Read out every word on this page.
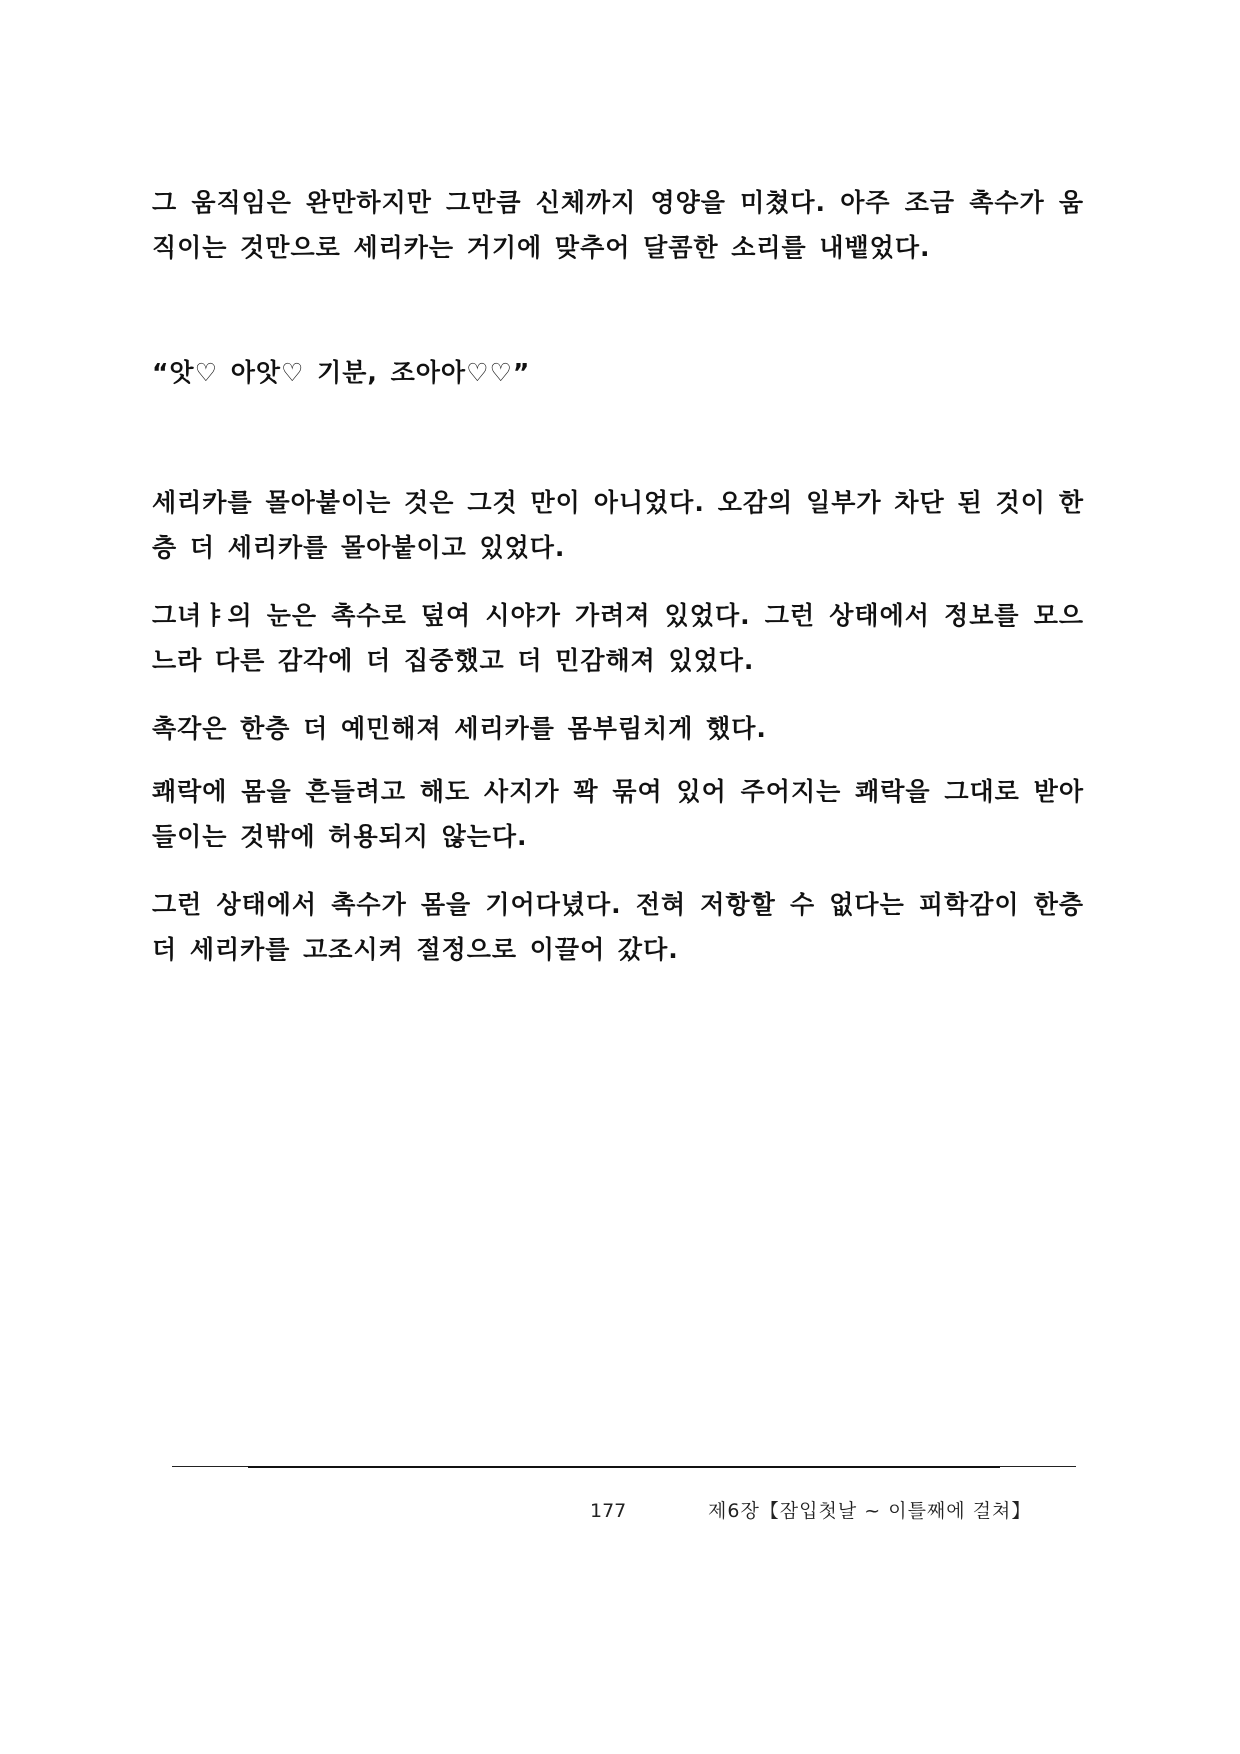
그 움직임은 완만하지만 그만큼 신체까지 영양을 미쳤다. 아주 조금 촉수가 움직이는 것만으로 세리카는 거기에 맞추어 달콤한 소리를 내뱉었다.

“앗♡ 아앗♡ 기분, 조아아♡♡”

세리카를 몰아붙이는 것은 그것 만이 아니었다. 오감의 일부가 차단 된 것이 한층 더 세리카를 몰아붙이고 있었다.

그녀ㅑ의 눈은 촉수로 덮여 시야가 가려져 있었다. 그런 상태에서 정보를 모으느라 다른 감각에 더 집중했고 더 민감해져 있었다.

촉각은 한층 더 예민해져 세리카를 몸부림치게 했다.

쾌락에 몸을 흔들려고 해도 사지가 꽉 묶여 있어 주어지는 쾌락을 그대로 받아들이는 것밖에 허용되지 않는다.

그런 상태에서 촉수가 몸을 기어다녔다. 전혀 저항할 수 없다는 피학감이 한층 더 세리카를 고조시켜 절정으로 이끌어 갔다.

177	제6장【잠입첫날 ~ 이틀째에 걸쳐】
